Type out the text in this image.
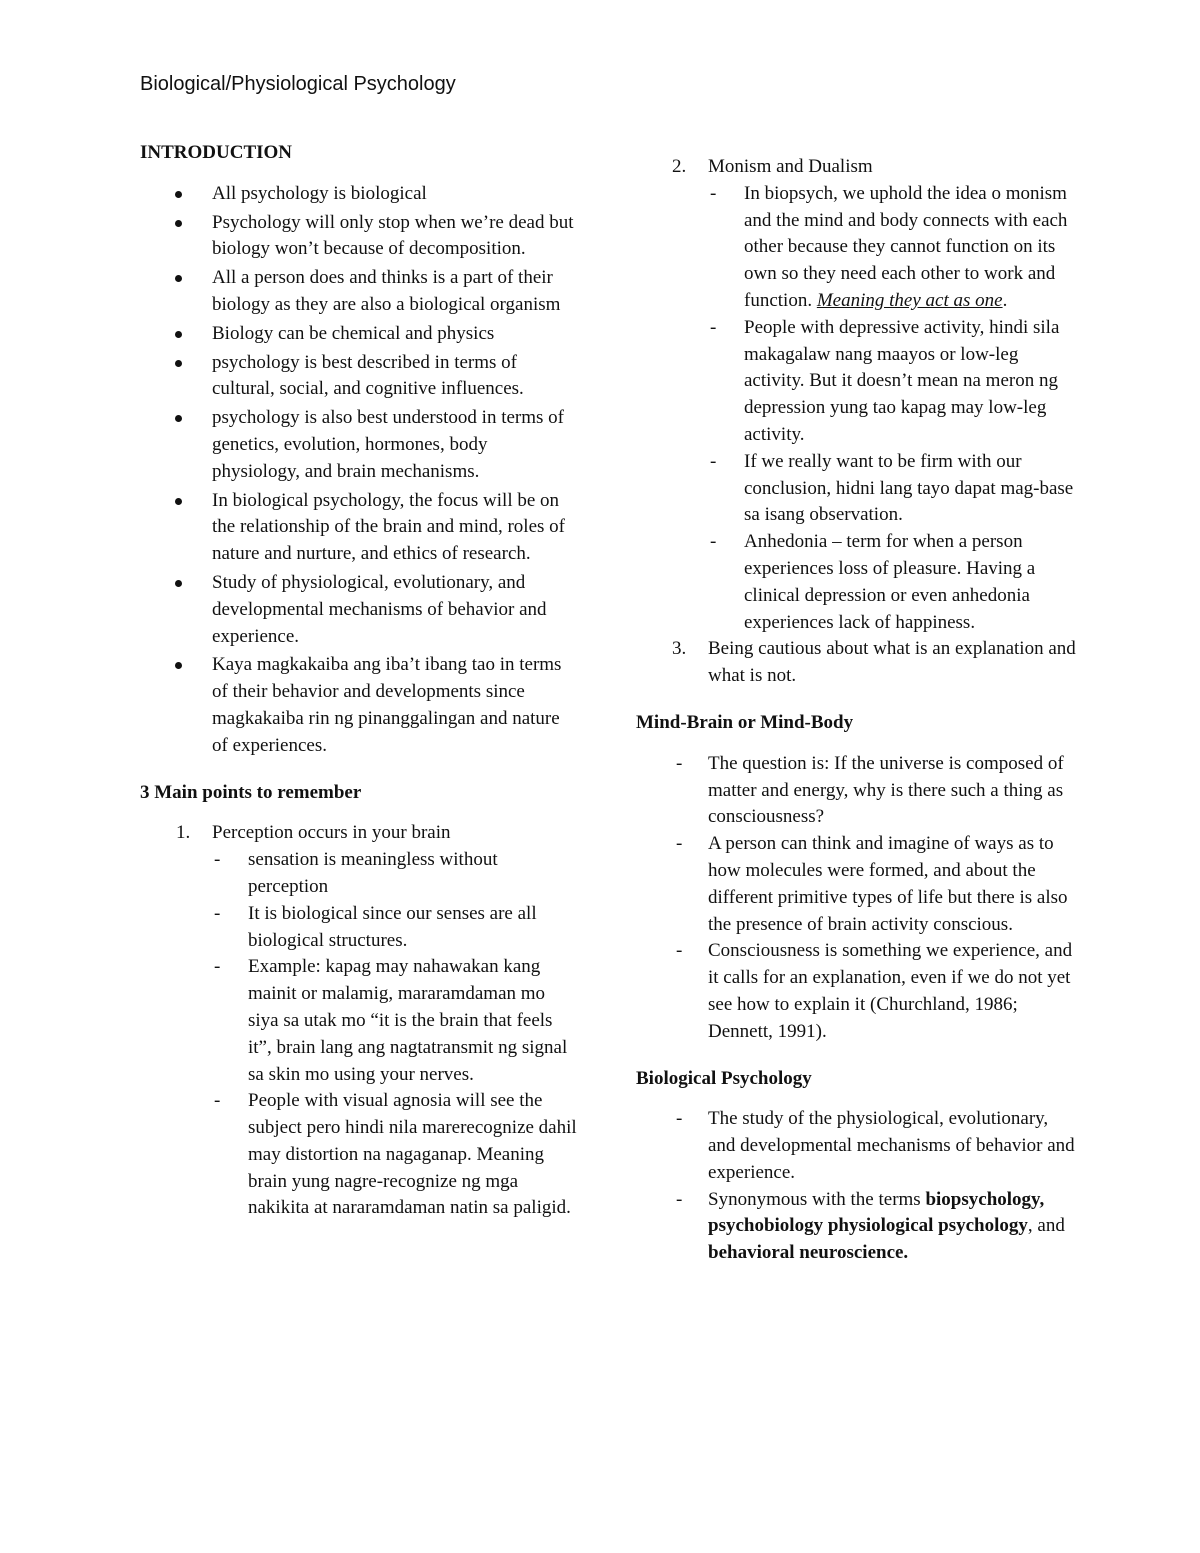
Biological/Physiological Psychology

INTRODUCTION

All psychology is biological
Psychology will only stop when we’re dead but biology won’t because of decomposition.
All a person does and thinks is a part of their biology as they are also a biological organism
Biology can be chemical and physics
psychology is best described in terms of cultural, social, and cognitive influences.
psychology is also best understood in terms of genetics, evolution, hormones, body physiology, and brain mechanisms.
In biological psychology, the focus will be on the relationship of the brain and mind, roles of nature and nurture, and ethics of research.
Study of physiological, evolutionary, and developmental mechanisms of behavior and experience.
Kaya magkakaiba ang iba’t ibang tao in terms of their behavior and developments since magkakaiba rin ng pinanggalingan and nature of experiences.

3 Main points to remember

1. Perception occurs in your brain
- sensation is meaningless without perception
- It is biological since our senses are all biological structures.
- Example: kapag may nahawakan kang mainit or malamig, mararamdaman mo siya sa utak mo “it is the brain that feels it”, brain lang ang nagtatransmit ng signal sa skin mo using your nerves.
- People with visual agnosia will see the subject pero hindi nila marerecognize dahil may distortion na nagaganap. Meaning brain yung nagre-recognize ng mga nakikita at nararamdaman natin sa paligid.
2. Monism and Dualism
- In biopsych, we uphold the idea o monism and the mind and body connects with each other because they cannot function on its own so they need each other to work and function. Meaning they act as one.
- People with depressive activity, hindi sila makagalaw nang maayos or low-leg activity. But it doesn’t mean na meron ng depression yung tao kapag may low-leg activity.
- If we really want to be firm with our conclusion, hidni lang tayo dapat mag-base sa isang observation.
- Anhedonia – term for when a person experiences loss of pleasure. Having a clinical depression or even anhedonia experiences lack of happiness.
3. Being cautious about what is an explanation and what is not.

Mind-Brain or Mind-Body

- The question is: If the universe is composed of matter and energy, why is there such a thing as consciousness?
- A person can think and imagine of ways as to how molecules were formed, and about the different primitive types of life but there is also the presence of brain activity conscious.
- Consciousness is something we experience, and it calls for an explanation, even if we do not yet see how to explain it (Churchland, 1986; Dennett, 1991).

Biological Psychology

- The study of the physiological, evolutionary, and developmental mechanisms of behavior and experience.
- Synonymous with the terms biopsychology, psychobiology physiological psychology, and behavioral neuroscience.
